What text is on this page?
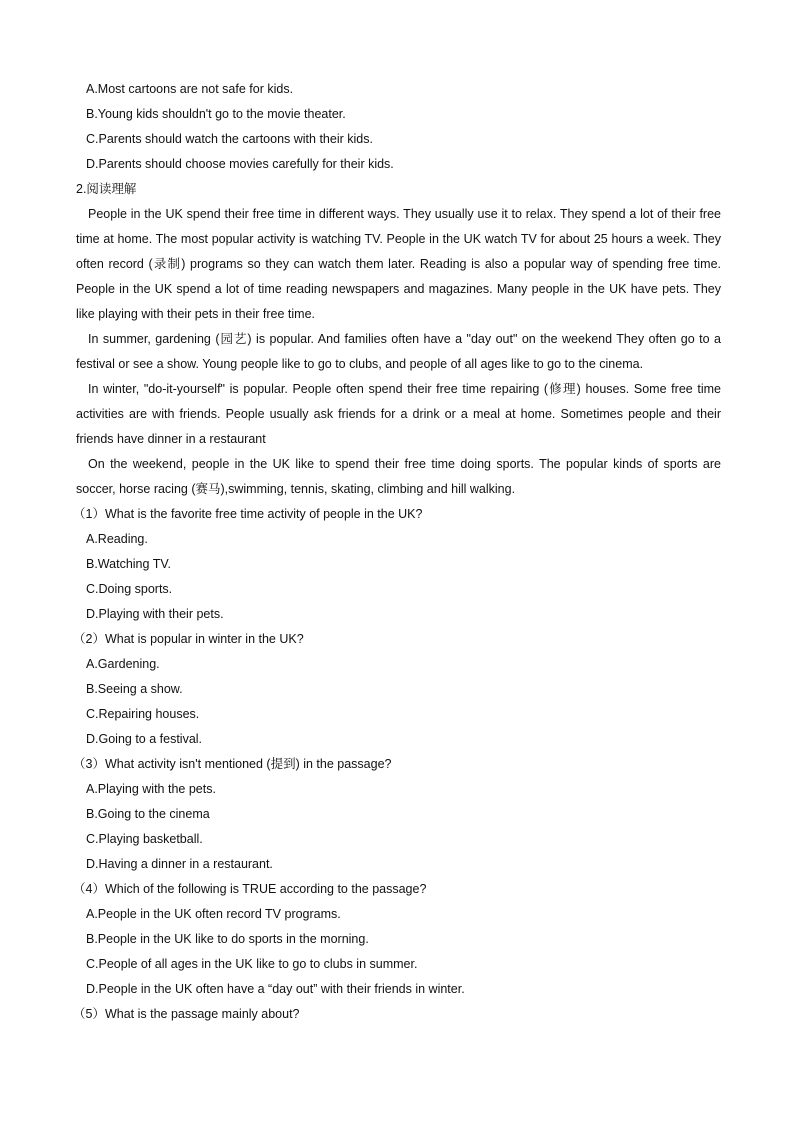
A.Most cartoons are not safe for kids.
B.Young kids shouldn't go to the movie theater.
C.Parents should watch the cartoons with their kids.
D.Parents should choose movies carefully for their kids.
2.阅读理解

People in the UK spend their free time in different ways. They usually use it to relax. They spend a lot of their free time at home. The most popular activity is watching TV. People in the UK watch TV for about 25 hours a week. They often record (录制) programs so they can watch them later. Reading is also a popular way of spending free time. People in the UK spend a lot of time reading newspapers and magazines. Many people in the UK have pets. They like playing with their pets in their free time.

In summer, gardening (园艺) is popular. And families often have a "day out" on the weekend They often go to a festival or see a show. Young people like to go to clubs, and people of all ages like to go to the cinema.

In winter, "do-it-yourself" is popular. People often spend their free time repairing (修理) houses. Some free time activities are with friends. People usually ask friends for a drink or a meal at home. Sometimes people and their friends have dinner in a restaurant

On the weekend, people in the UK like to spend their free time doing sports. The popular kinds of sports are soccer, horse racing (赛马),swimming, tennis, skating, climbing and hill walking.

（1）What is the favorite free time activity of people in the UK?
A.Reading.
B.Watching TV.
C.Doing sports.
D.Playing with their pets.
（2）What is popular in winter in the UK?
A.Gardening.
B.Seeing a show.
C.Repairing houses.
D.Going to a festival.
（3）What activity isn't mentioned (提到) in the passage?
A.Playing with the pets.
B.Going to the cinema
C.Playing basketball.
D.Having a dinner in a restaurant.
（4）Which of the following is TRUE according to the passage?
A.People in the UK often record TV programs.
B.People in the UK like to do sports in the morning.
C.People of all ages in the UK like to go to clubs in summer.
D.People in the UK often have a “day out” with their friends in winter.
（5）What is the passage mainly about?
